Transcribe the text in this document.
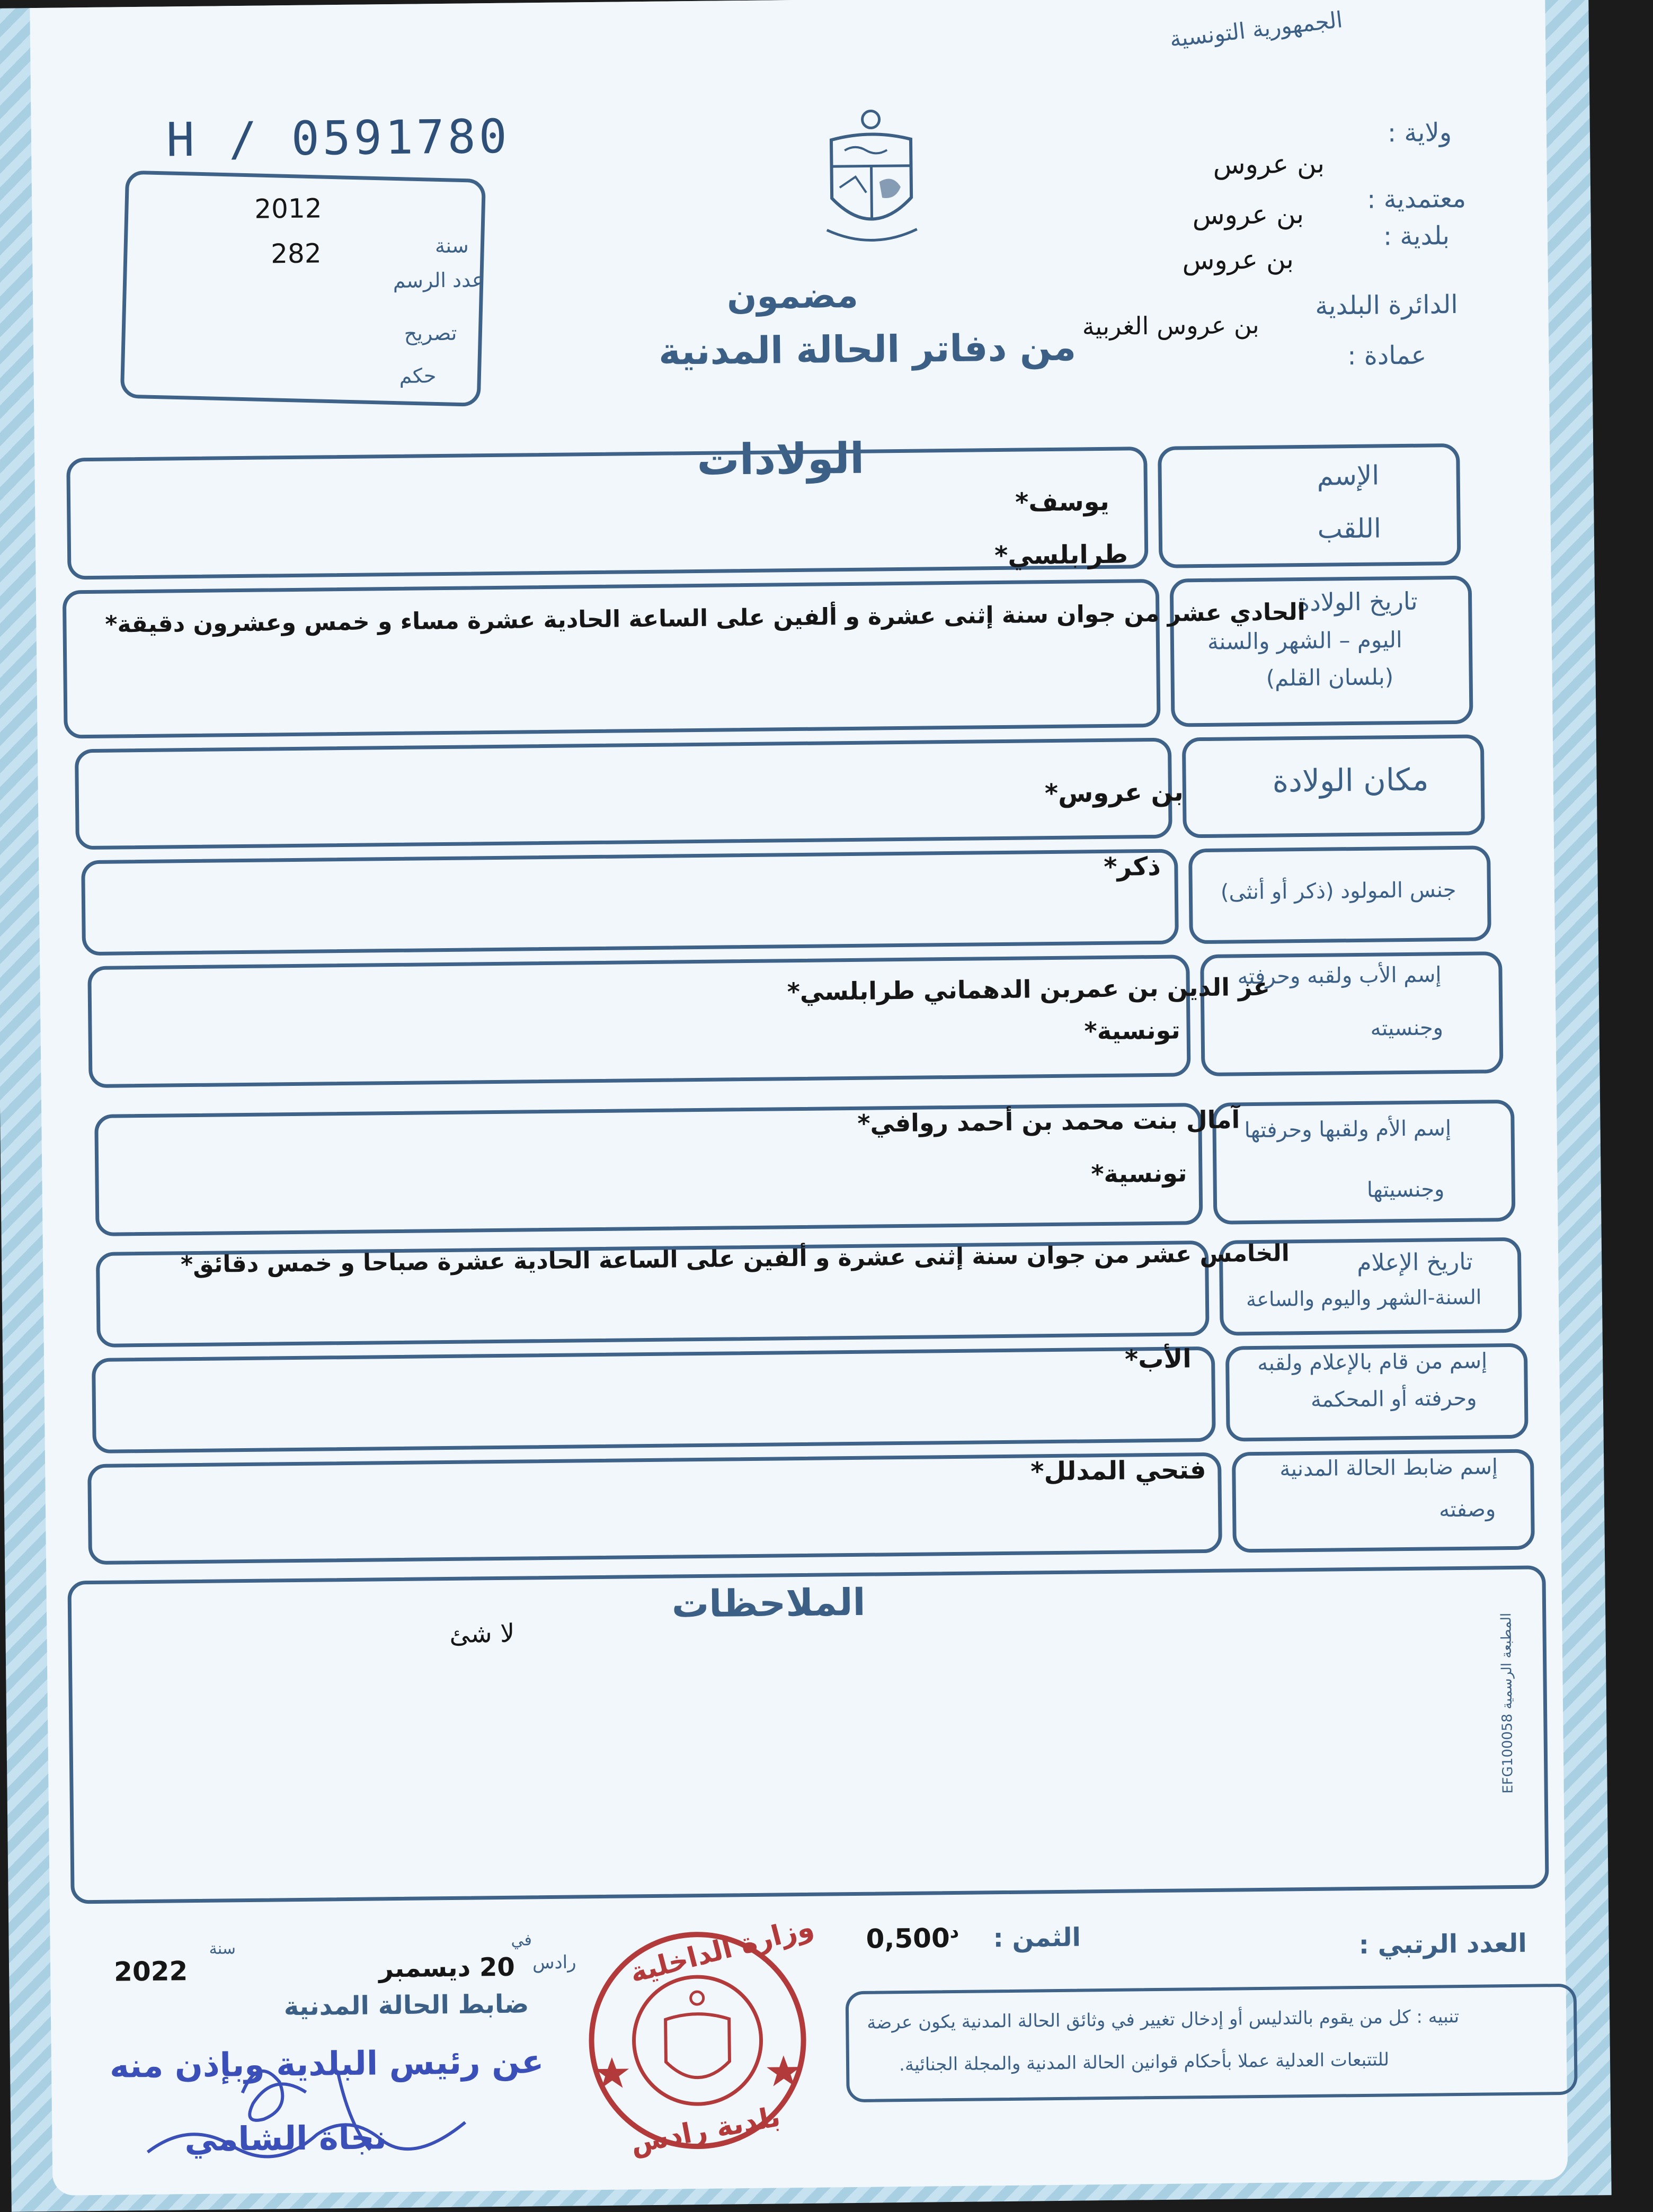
الجمهورية التونسية
H / 0591780	ولاية :
بن عروس
معتمدية :
بن عروس
بلدية :
بن عروس
الدائرة البلدية
بن عروس الغربية
عمادة :
مضمون
من دفاتر الحالة المدنية
الولادات
2012
282	سنة
عدد الرسم
تصريح
حكم
الإسم
اللقب
يوسف*
طرابلسي*
تاريخ الولادة
اليوم – الشهر والسنة
(بلسان القلم)
الحادي عشر من جوان سنة إثنى عشرة و ألفين على الساعة الحادية عشرة مساء و خمس وعشرون دقيقة*
مكان الولادة
بن عروس*
جنس المولود (ذكر أو أنثى)
ذكر*
إسم الأب ولقبه وحرفته
وجنسيته
عز الدين بن عمربن الدهماني طرابلسي*
تونسية*
إسم الأم ولقبها وحرفتها
وجنسيتها
آمال بنت محمد بن أحمد روافي*
تونسية*
تاريخ الإعلام
السنة-الشهر واليوم والساعة
الخامس عشر من جوان سنة إثنى عشرة و ألفين على الساعة الحادية عشرة صباحا و خمس دقائق*
إسم من قام بالإعلام ولقبه
وحرفته أو المحكمة
الأب*
إسم ضابط الحالة المدنية
وصفته
فتحي المدلل*
الملاحظات
لا شئ
المطبعة الرسمية EFG100058
العدد الرتبي :
الثمن :
$^د$0,500
رادس
في
20 ديسمبر
سنة
2022
ضابط الحالة المدنية
عن رئيس البلدية وبإذن منه
نجاة الشامي
وزارة الداخلية
بلدية رادس
تنبيه : كل من يقوم بالتدليس أو إدخال تغيير في وثائق الحالة المدنية يكون عرضة
للتتبعات العدلية عملا بأحكام قوانين الحالة المدنية والمجلة الجنائية.
